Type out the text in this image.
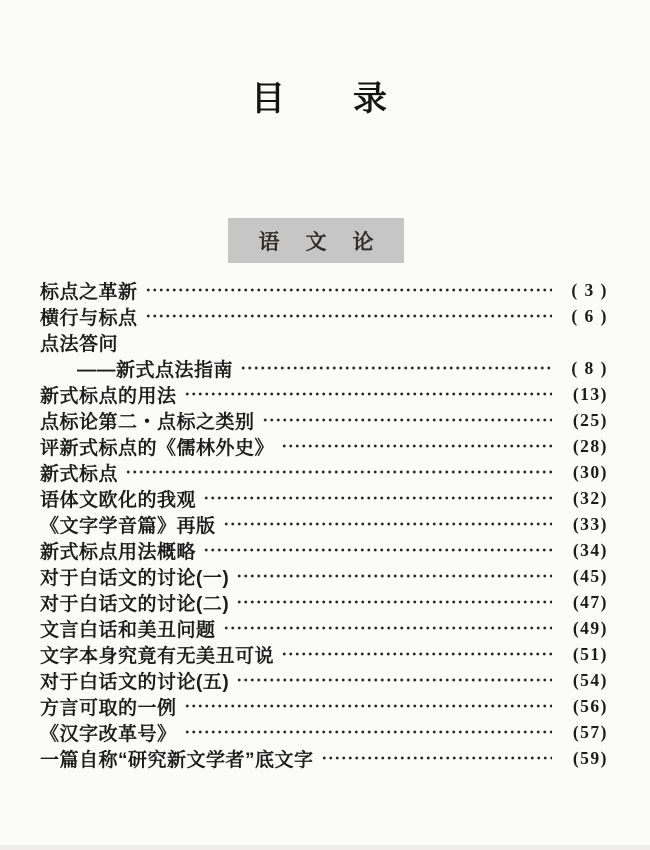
目　　录
语　文　论
标点之革新	( 3 )
横行与标点	( 6 )
点法答问
——新式点法指南	( 8 )
新式标点的用法	(13)
点标论第二・点标之类别	(25)
评新式标点的《儒林外史》	(28)
新式标点	(30)
语体文欧化的我观	(32)
《文字学音篇》再版	(33)
新式标点用法概略	(34)
对于白话文的讨论(一)	(45)
对于白话文的讨论(二)	(47)
文言白话和美丑问题	(49)
文字本身究竟有无美丑可说	(51)
对于白话文的讨论(五)	(54)
方言可取的一例	(56)
《汉字改革号》	(57)
一篇自称“研究新文学者”底文字	(59)
